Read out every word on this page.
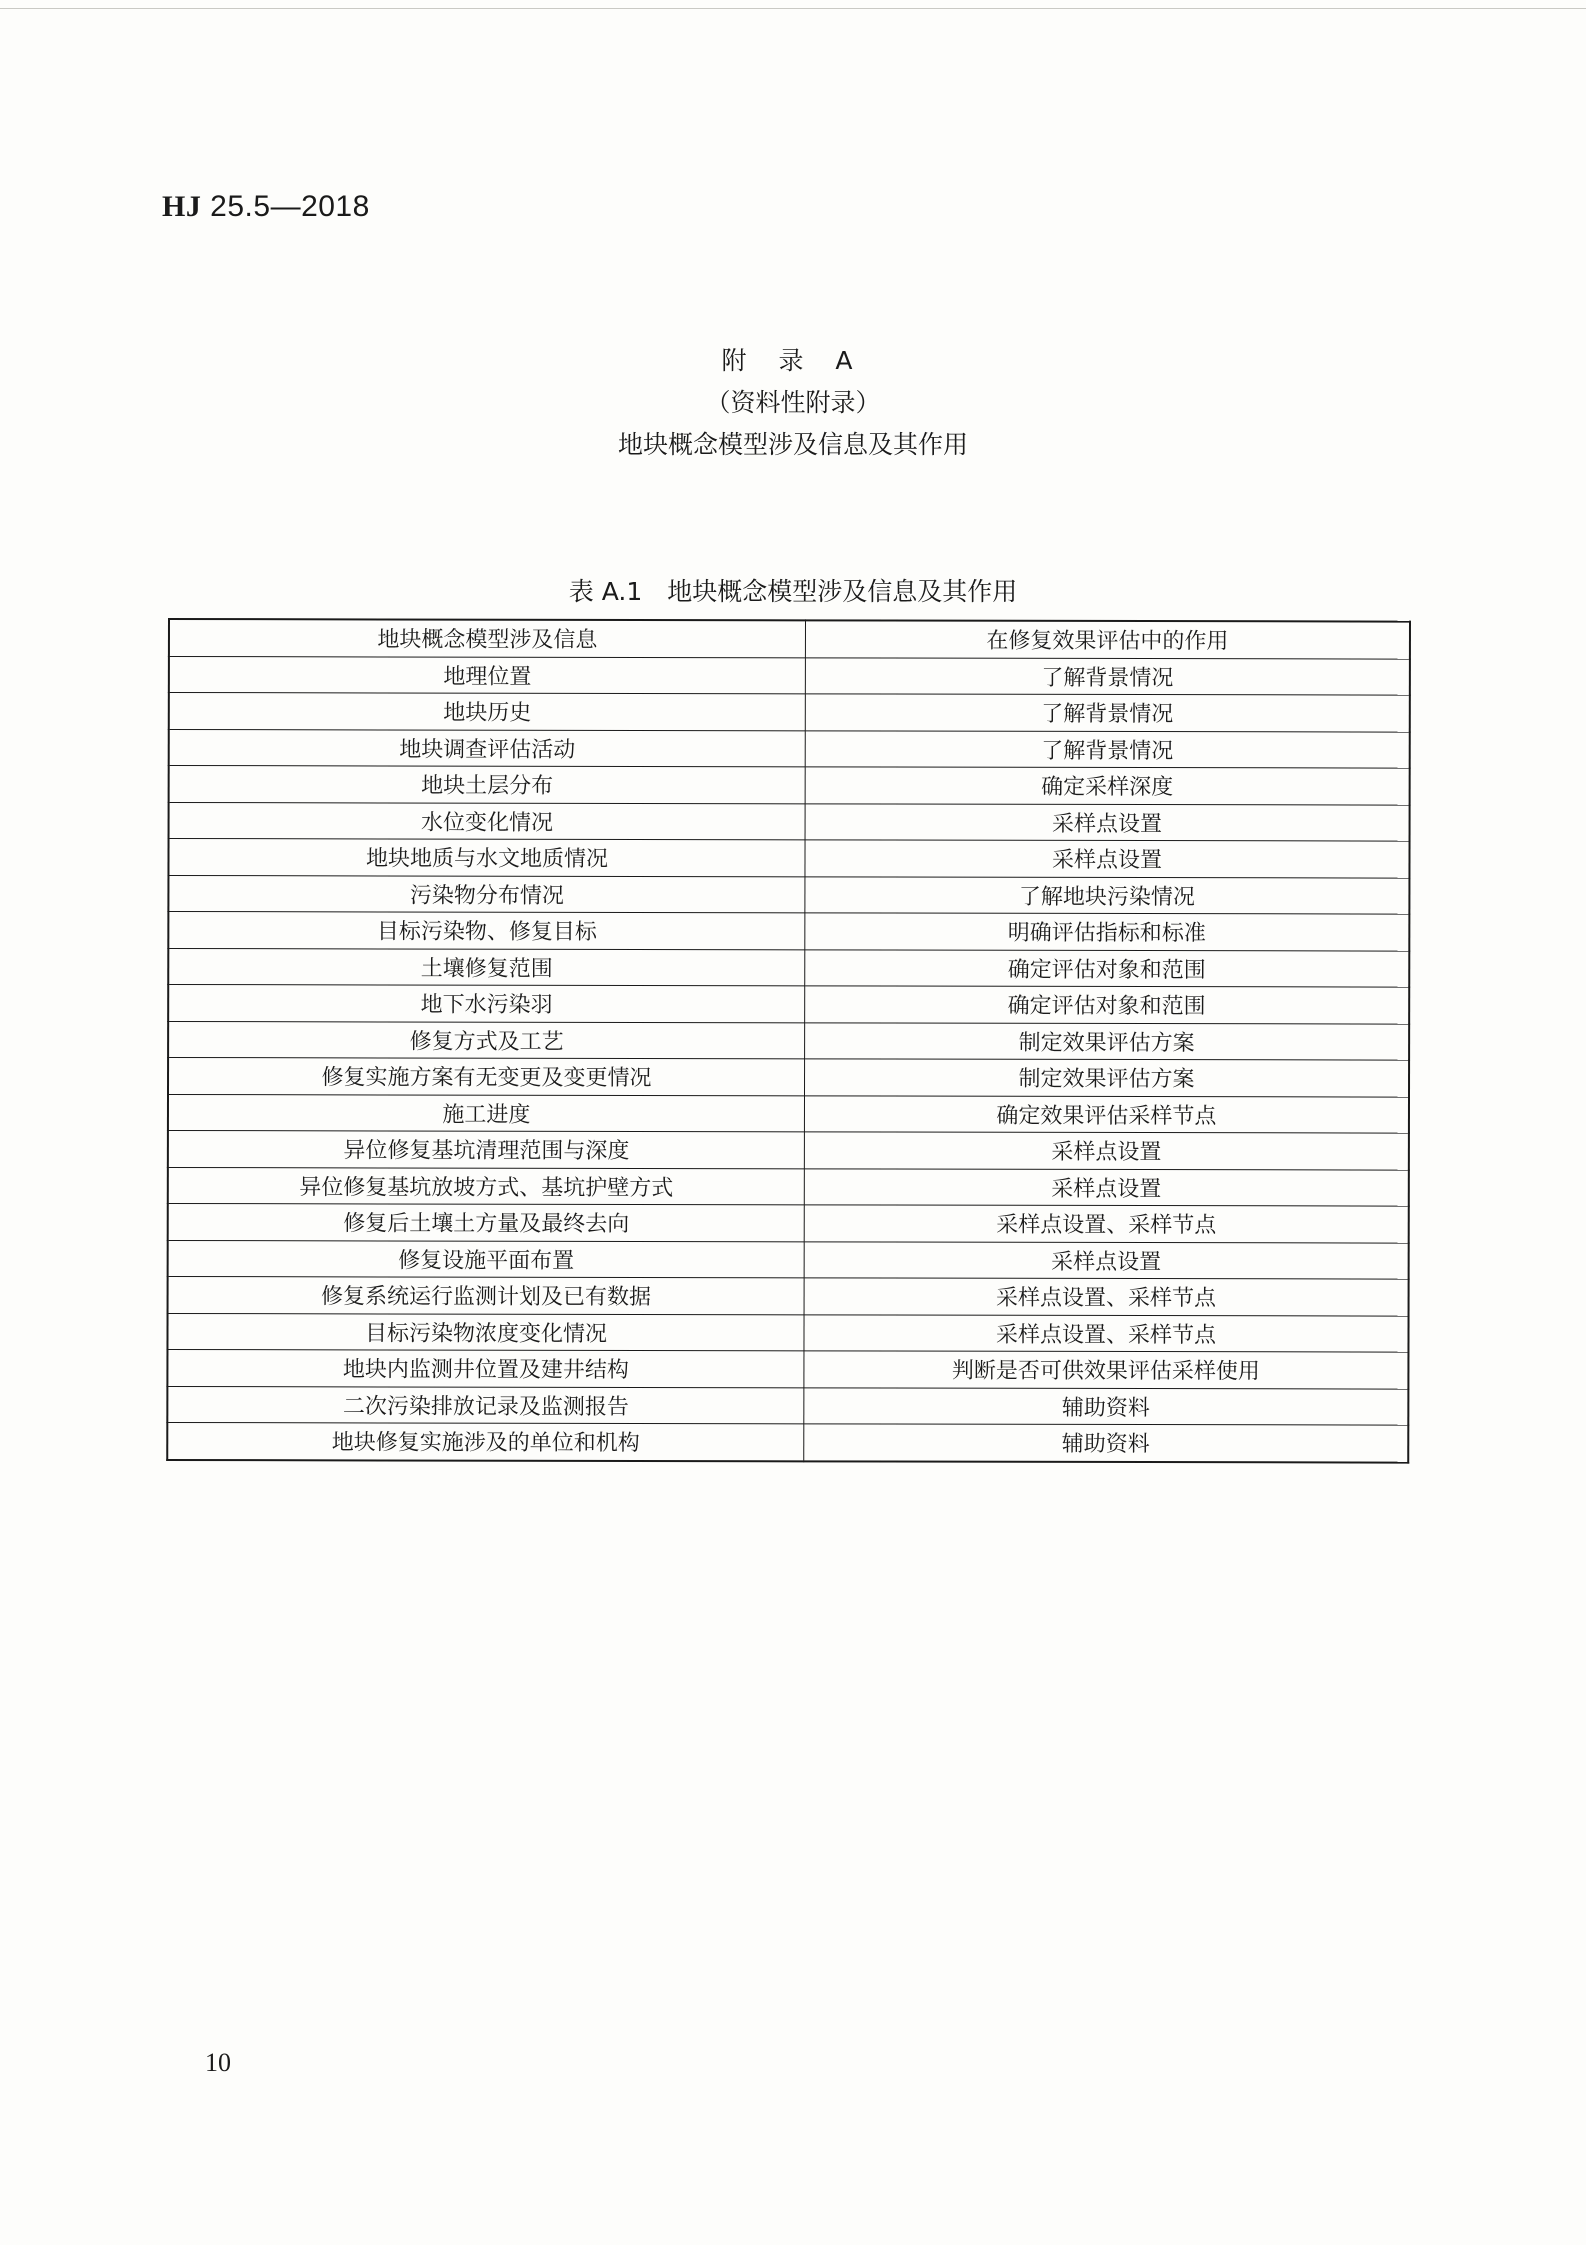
HJ 25.5—2018
附 录 A
（资料性附录）
地块概念模型涉及信息及其作用
表 A.1　地块概念模型涉及信息及其作用
地块概念模型涉及信息	在修复效果评估中的作用
地理位置	了解背景情况
地块历史	了解背景情况
地块调查评估活动	了解背景情况
地块土层分布	确定采样深度
水位变化情况	采样点设置
地块地质与水文地质情况	采样点设置
污染物分布情况	了解地块污染情况
目标污染物、修复目标	明确评估指标和标准
土壤修复范围	确定评估对象和范围
地下水污染羽	确定评估对象和范围
修复方式及工艺	制定效果评估方案
修复实施方案有无变更及变更情况	制定效果评估方案
施工进度	确定效果评估采样节点
异位修复基坑清理范围与深度	采样点设置
异位修复基坑放坡方式、基坑护壁方式	采样点设置
修复后土壤土方量及最终去向	采样点设置、采样节点
修复设施平面布置	采样点设置
修复系统运行监测计划及已有数据	采样点设置、采样节点
目标污染物浓度变化情况	采样点设置、采样节点
地块内监测井位置及建井结构	判断是否可供效果评估采样使用
二次污染排放记录及监测报告	辅助资料
地块修复实施涉及的单位和机构	辅助资料
10
